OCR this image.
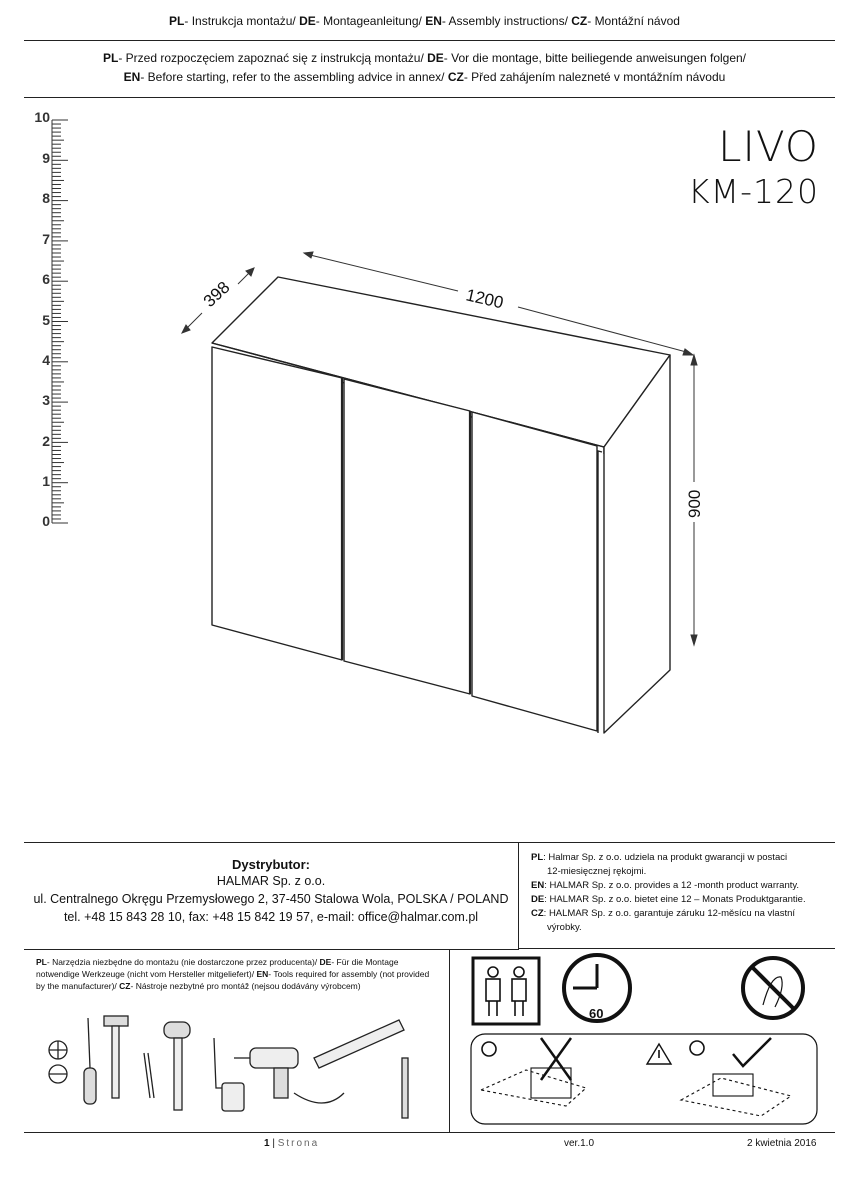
PL- Instrukcja montażu/ DE- Montageanleitung/ EN- Assembly instructions/ CZ- Montážní návod
PL- Przed rozpoczęciem zapoznać się z instrukcją montażu/ DE- Vor die montage, bitte beiliegende anweisungen folgen/
EN- Before starting, refer to the assembling advice in annex/ CZ- Před zahájením nalezneté v montážním návodu
LIVO
KM-120
10
9
8
7
6
5
4
3
2
1
0
398	1200
900
Dystrybutor:
HALMAR Sp. z o.o.
ul. Centralnego Okręgu Przemysłowego 2, 37-450 Stalowa Wola, POLSKA / POLAND
tel. +48 15 843 28 10, fax: +48 15 842 19 57, e-mail: office@halmar.com.pl

PL: Halmar Sp. z o.o. udziela na produkt gwarancji w postaci
12-miesięcznej rękojmi.

EN: HALMAR Sp. z o.o. provides a 12 -month product warranty.

DE: HALMAR Sp. z o.o. bietet eine 12 – Monats Produktgarantie.

CZ: HALMAR Sp. z o.o. garantuje záruku 12-měsícu na vlastní
výrobky.

PL- Narzędzia niezbędne do montażu (nie dostarczone przez producenta)/ DE- Für die Montage notwendige Werkzeuge (nicht vom Hersteller mitgeliefert)/ EN- Tools required for assembly (not provided by the manufacturer)/ CZ- Nástroje nezbytné pro montáž (nejsou dodávány výrobcem)
60
1 | Strona	ver.1.0	2 kwietnia 2016
